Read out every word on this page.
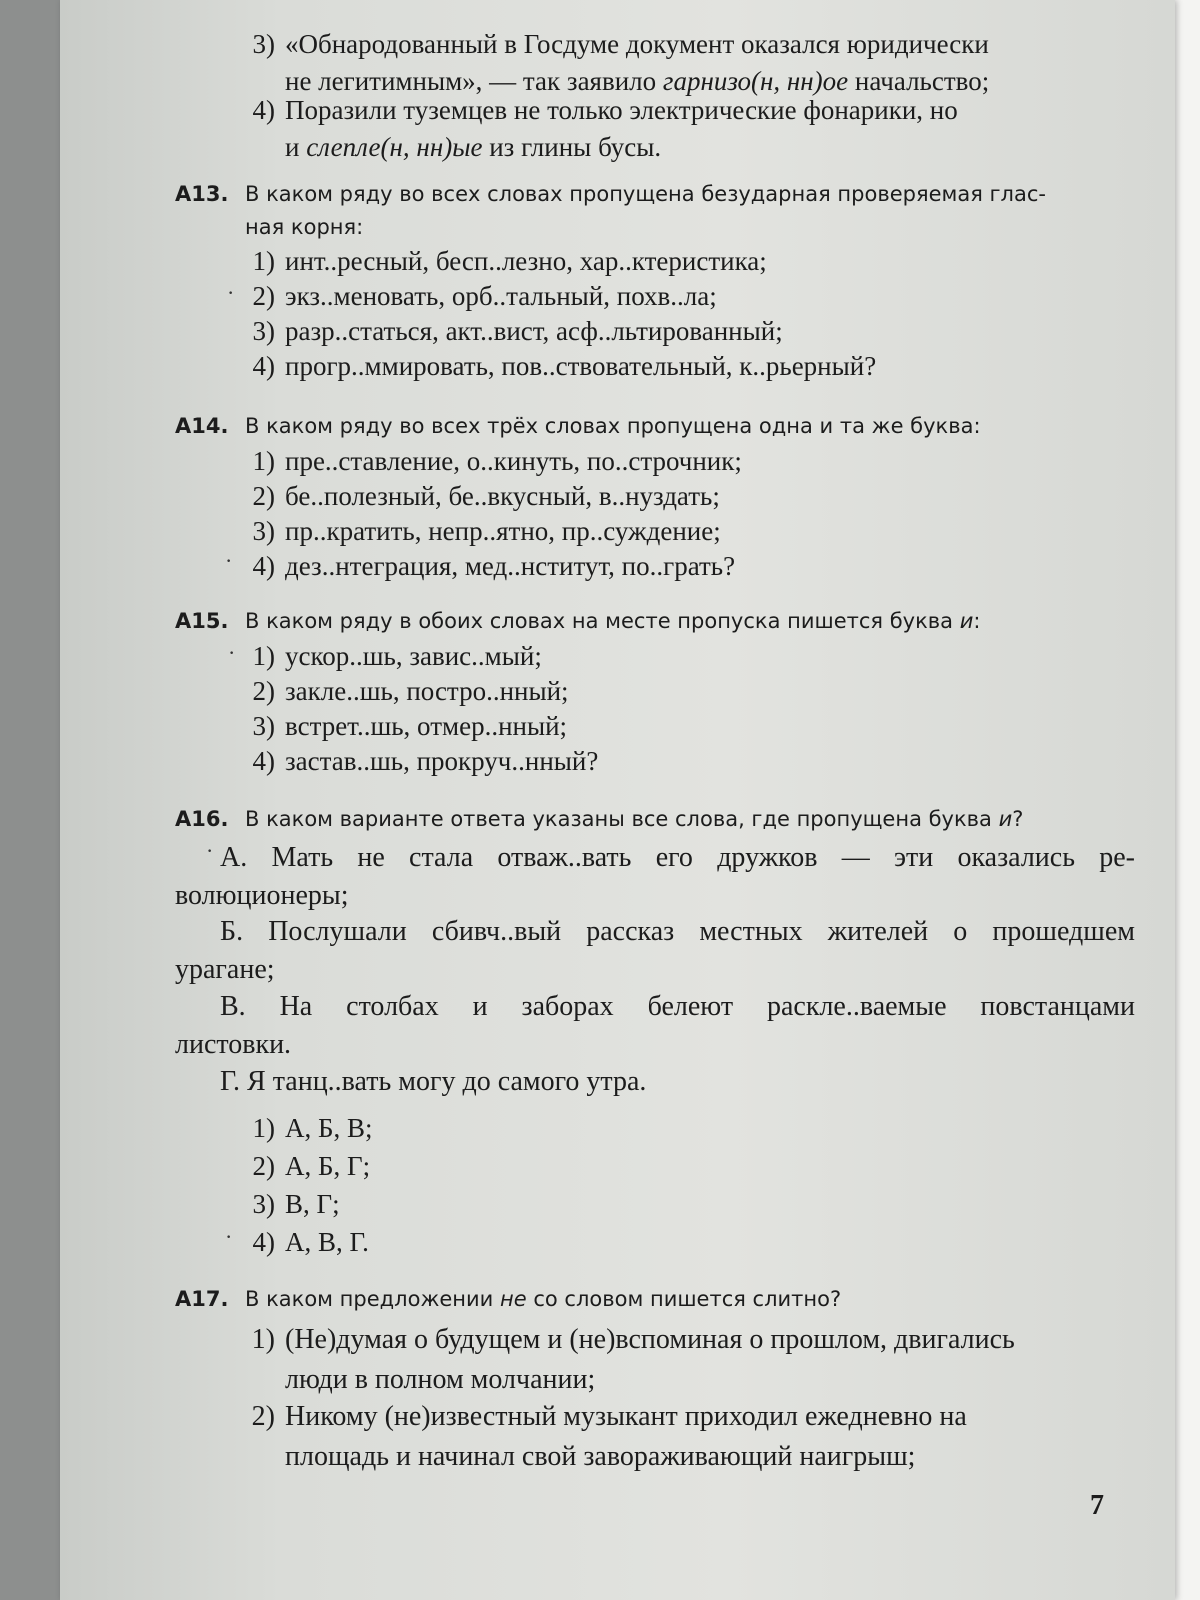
3) «Обнародованный в Госдуме документ оказался юридически
не легитимным», — так заявило гарнизо(н, нн)ое начальство;
4) Поразили туземцев не только электрические фонарики, но
и слепле(н, нн)ые из глины бусы.
А13. В каком ряду во всех словах пропущена безударная проверяемая глас-
ная корня:
1) инт..ресный, бесп..лезно, хар..ктеристика;
· 2) экз..меновать, орб..тальный, похв..ла;
3) разр..статься, акт..вист, асф..льтированный;
4) прогр..ммировать, пов..ствовательный, к..рьерный?
А14. В каком ряду во всех трёх словах пропущена одна и та же буква:
1) пре..ставление, о..кинуть, по..строчник;
2) бе..полезный, бе..вкусный, в..нуздать;
3) пр..кратить, непр..ятно, пр..суждение;
· 4) дез..нтеграция, мед..нститут, по..грать?
А15. В каком ряду в обоих словах на месте пропуска пишется буква и:
· 1) ускор..шь, завис..мый;
2) закле..шь, постро..нный;
3) встрет..шь, отмер..нный;
4) застав..шь, прокруч..нный?
А16. В каком варианте ответа указаны все слова, где пропущена буква и?
· А. Мать не стала отваж..вать его дружков — эти оказались ре-
волюционеры;
Б. Послушали сбивч..вый рассказ местных жителей о прошедшем
урагане;
В. На столбах и заборах белеют раскле..ваемые повстанцами
листовки.
Г. Я танц..вать могу до самого утра.
1) А, Б, В;
2) А, Б, Г;
3) В, Г;
· 4) А, В, Г.
А17. В каком предложении не со словом пишется слитно?
1) (Не)думая о будущем и (не)вспоминая о прошлом, двигались
люди в полном молчании;
2) Никому (не)известный музыкант приходил ежедневно на
площадь и начинал свой завораживающий наигрыш;
7
